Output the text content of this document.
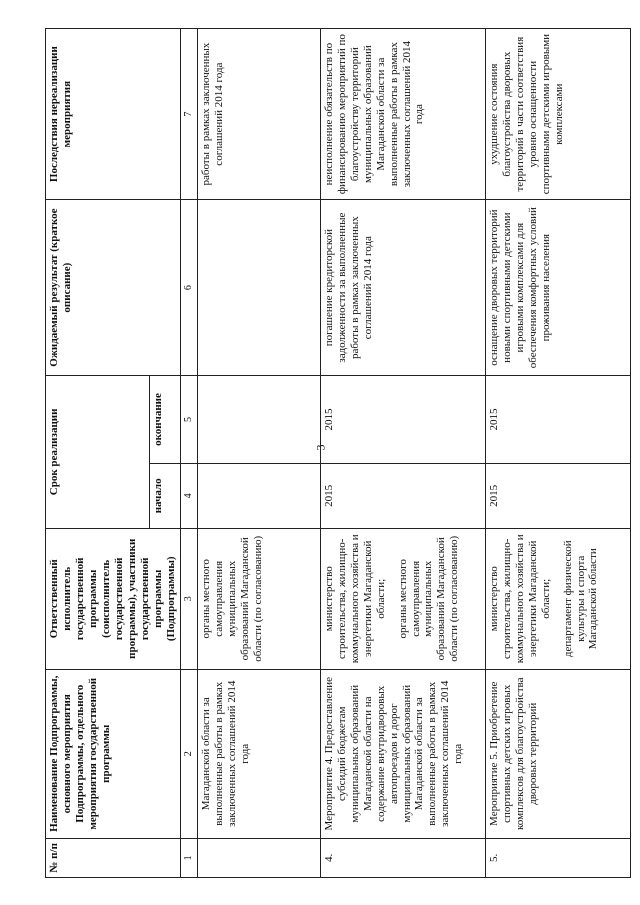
3
№ п/п	Наименование Подпрограммы, основного мероприятия Подпрограммы, отдельного мероприятия государственной программы	Ответственный исполнитель государственной программы (соисполнитель государственной программы), участники государственной программы (Подпрограммы)	Срок реализации		Ожидаемый результат (краткое описание)	Последствия нереализации мероприятия
			начало	окончание		
1	2	3	4	5	6	7
	Магаданской области за выполненные работы в рамках заключенных соглашений 2014 года	органы местного самоуправления муниципальных образований Магаданской области (по согласованию)				работы в рамках заключенных соглашений 2014 года
4.	Мероприятие 4. Предоставление субсидий бюджетам муниципальных образований Магаданской области на содержание внутридворовых автопроездов и дорог муниципальных образований Магаданской области за выполненные работы в рамках заключенных соглашений 2014 года	министерство строительства, жилищно-коммунального хозяйства и энергетики Магаданской области; органы местного самоуправления муниципальных образований Магаданской области (по согласованию)	2015	2015	погашение кредиторской задолженности за выполненные работы в рамках заключенных соглашений 2014 года	неисполнение обязательств по финансированию мероприятий по благоустройству территорий муниципальных образований Магаданской области за выполненные работы в рамках заключенных соглашений 2014 года
5.	Мероприятие 5. Приобретение спортивных детских игровых комплексов для благоустройства дворовых территорий	министерство строительства, жилищно-коммунального хозяйства и энергетики Магаданской области; департамент физической культуры и спорта Магаданской области	2015	2015	оснащение дворовых территорий новыми спортивными детскими игровыми комплексами для обеспечения комфортных условий проживания населения	ухудшение состояния благоустройства дворовых территорий в части соответствия уровню оснащенности спортивными детскими игровыми комплексами
